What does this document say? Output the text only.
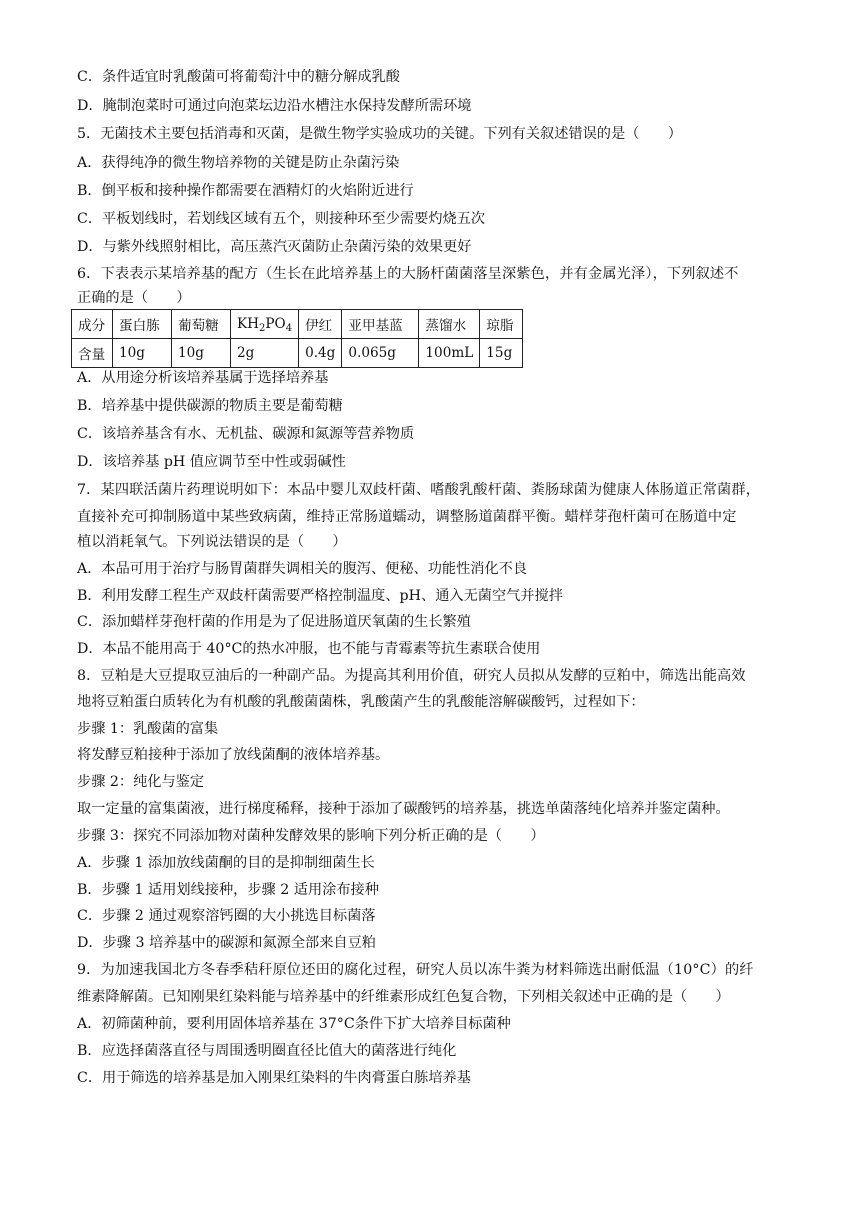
C．条件适宜时乳酸菌可将葡萄汁中的糖分解成乳酸
D．腌制泡菜时可通过向泡菜坛边沿水槽注水保持发酵所需环境
5．无菌技术主要包括消毒和灭菌，是微生物学实验成功的关键。下列有关叙述错误的是（　　）
A．获得纯净的微生物培养物的关键是防止杂菌污染
B．倒平板和接种操作都需要在酒精灯的火焰附近进行
C．平板划线时，若划线区域有五个，则接种环至少需要灼烧五次
D．与紫外线照射相比，高压蒸汽灭菌防止杂菌污染的效果更好
6．下表表示某培养基的配方（生长在此培养基上的大肠杆菌菌落呈深紫色，并有金属光泽），下列叙述不
正确的是（　　）
成分	蛋白胨	葡萄糖	$KH_2PO_4$	伊红	亚甲基蓝	蒸馏水	琼脂
含量	10g	10g	2g	0.4g	0.065g	100mL	15g
A．从用途分析该培养基属于选择培养基
B．培养基中提供碳源的物质主要是葡萄糖
C．该培养基含有水、无机盐、碳源和氮源等营养物质
D．该培养基 pH 值应调节至中性或弱碱性
7．某四联活菌片药理说明如下：本品中婴儿双歧杆菌、嗜酸乳酸杆菌、粪肠球菌为健康人体肠道正常菌群，
直接补充可抑制肠道中某些致病菌，维持正常肠道蠕动，调整肠道菌群平衡。蜡样芽孢杆菌可在肠道中定
植以消耗氧气。下列说法错误的是（　　）
A．本品可用于治疗与肠胃菌群失调相关的腹泻、便秘、功能性消化不良
B．利用发酵工程生产双歧杆菌需要严格控制温度、pH、通入无菌空气并搅拌
C．添加蜡样芽孢杆菌的作用是为了促进肠道厌氧菌的生长繁殖
D．本品不能用高于 40°C的热水冲服，也不能与青霉素等抗生素联合使用
8．豆粕是大豆提取豆油后的一种副产品。为提高其利用价值，研究人员拟从发酵的豆粕中，筛选出能高效
地将豆粕蛋白质转化为有机酸的乳酸菌菌株，乳酸菌产生的乳酸能溶解碳酸钙，过程如下：
步骤 1：乳酸菌的富集
将发酵豆粕接种于添加了放线菌酮的液体培养基。
步骤 2：纯化与鉴定
取一定量的富集菌液，进行梯度稀释，接种于添加了碳酸钙的培养基，挑选单菌落纯化培养并鉴定菌种。
步骤 3：探究不同添加物对菌种发酵效果的影响下列分析正确的是（　　）
A．步骤 1 添加放线菌酮的目的是抑制细菌生长
B．步骤 1 适用划线接种，步骤 2 适用涂布接种
C．步骤 2 通过观察溶钙圈的大小挑选目标菌落
D．步骤 3 培养基中的碳源和氮源全部来自豆粕
9．为加速我国北方冬春季秸秆原位还田的腐化过程，研究人员以冻牛粪为材料筛选出耐低温（10°C）的纤
维素降解菌。已知刚果红染料能与培养基中的纤维素形成红色复合物，下列相关叙述中正确的是（　　）
A．初筛菌种前，要利用固体培养基在 37°C条件下扩大培养目标菌种
B．应选择菌落直径与周围透明圈直径比值大的菌落进行纯化
C．用于筛选的培养基是加入刚果红染料的牛肉膏蛋白胨培养基
